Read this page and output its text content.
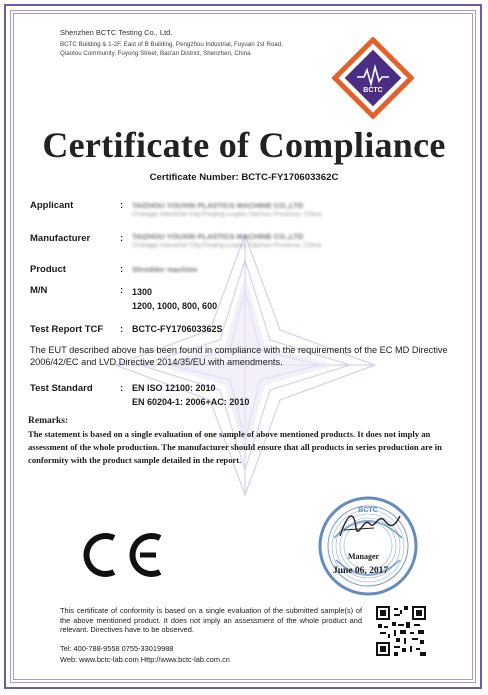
Shenzhen BCTC Testing Co., Ltd.
BCTC Building & 1-2F, East of B Building, Pengzhou Industrial, Fuyuan 1st Road,
Qiaotou Community, Fuyong Street, Bao'an District, Shenzhen, China
BCTC
Certificate of Compliance
Certificate Number: BCTC-FY170603362C
Applicant	: TAIZHOU YOUXIN PLASTICS MACHINE CO.,LTD
Changqi Industrial City,Fenjing,Luqiao,Taizhou Province, China
Manufacturer	: TAIZHOU YOUXIN PLASTICS MACHINE CO.,LTD
Changqi Industrial City,Fenjing,Luqiao,Taizhou Province, China
Product	: Shredder machine
M/N	: 1300
1200, 1000, 800, 600
Test Report TCF : BCTC-FY170603362S
The EUT described above has been found in compliance with the requirements of the EC MD Directive 2006/42/EC and LVD Directive 2014/35/EU with amendments.
Test Standard	: EN ISO 12100: 2010
EN 60204-1: 2006+AC: 2010
Remarks:
The statement is based on a single evaluation of one sample of above mentioned products. It does not imply an assessment of the whole production. The manufacturer should ensure that all products in series production are in conformity with the product sample detailed in the report.
BCTC
Manager
June 06, 2017
This certificate of conformity is based on a single evaluation of the submitted sample(s) of the above mentioned product. It does not imply an assessment of the whole product and relevant. Directives have to be observed.
Tel: 400-788-9558 0755-33019988
Web: www.bctc-lab.com Http://www.bctc-lab.com.cn
